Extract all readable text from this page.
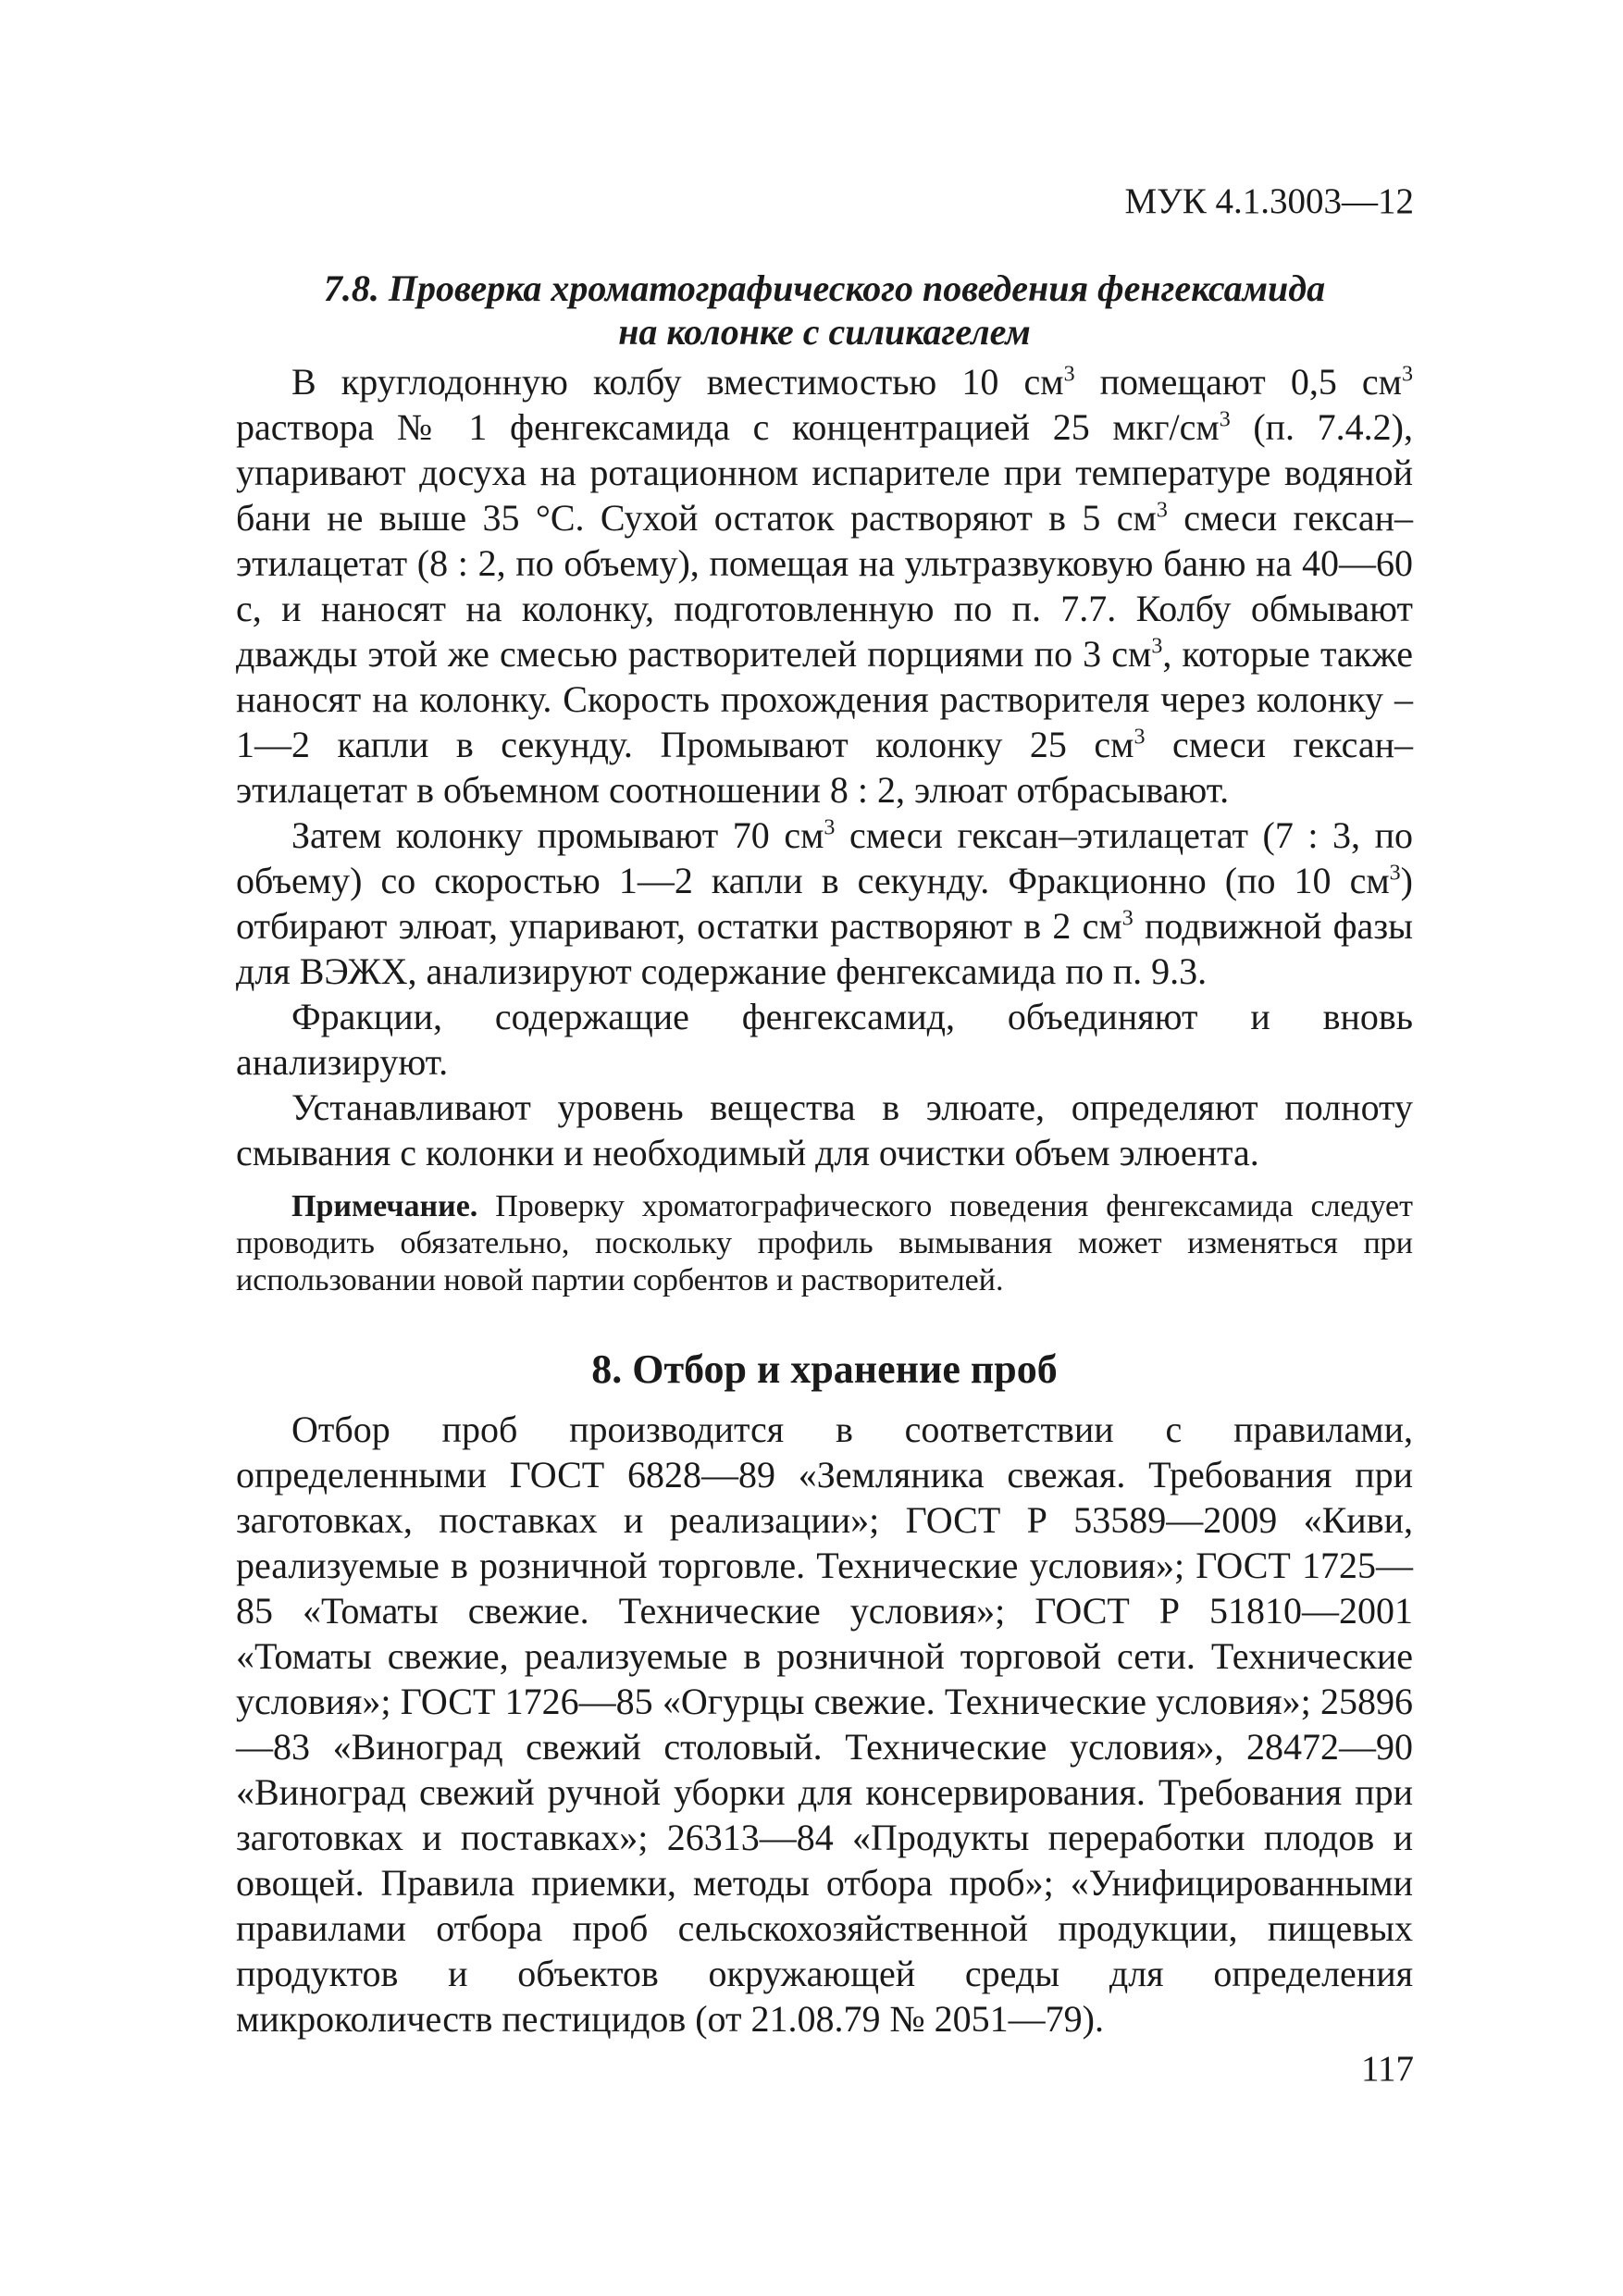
МУК 4.1.3003—12
7.8. Проверка хроматографического поведения фенгексамида
на колонке с силикагелем

В круглодонную колбу вместимостью 10 $см^3$ помещают 0,5 $см^3$ раствора № 1 фенгексамида с концентрацией 25 мкг/$см^3$ (п. 7.4.2), упаривают досуха на ротационном испарителе при температуре водяной бани не выше 35 °С. Сухой остаток растворяют в 5 $см^3$ смеси гексан–этилацетат (8 : 2, по объему), помещая на ультразвуковую баню на 40—60 с, и наносят на колонку, подготовленную по п. 7.7. Колбу обмывают дважды этой же смесью растворителей порциями по 3 $см^3$, которые также наносят на колонку. Скорость прохождения растворителя через колонку – 1—2 капли в секунду. Промывают колонку 25 $см^3$ смеси гексан–этилацетат в объемном соотношении 8 : 2, элюат отбрасывают.

Затем колонку промывают 70 $см^3$ смеси гексан–этилацетат (7 : 3, по объему) со скоростью 1—2 капли в секунду. Фракционно (по 10 $см^3$) отбирают элюат, упаривают, остатки растворяют в 2 $см^3$ подвижной фазы для ВЭЖХ, анализируют содержание фенгексамида по п. 9.3.

Фракции, содержащие фенгексамид, объединяют и вновь анализируют.

Устанавливают уровень вещества в элюате, определяют полноту смывания с колонки и необходимый для очистки объем элюента.

Примечание. Проверку хроматографического поведения фенгексамида следует проводить обязательно, поскольку профиль вымывания может изменяться при использовании новой партии сорбентов и растворителей.

8. Отбор и хранение проб

Отбор проб производится в соответствии с правилами, определенными ГОСТ 6828—89 «Земляника свежая. Требования при заготовках, поставках и реализации»; ГОСТ Р 53589—2009 «Киви, реализуемые в розничной торговле. Технические условия»; ГОСТ 1725—85 «Томаты свежие. Технические условия»; ГОСТ Р 51810—2001 «Томаты свежие, реализуемые в розничной торговой сети. Технические условия»; ГОСТ 1726—85 «Огурцы свежие. Технические условия»; 25896—83 «Виноград свежий столовый. Технические условия», 28472—90 «Виноград свежий ручной уборки для консервирования. Требования при заготовках и поставках»; 26313—84 «Продукты переработки плодов и овощей. Правила приемки, методы отбора проб»; «Унифицированными правилами отбора проб сельскохозяйственной продукции, пищевых продуктов и объектов окружающей среды для определения микроколичеств пестицидов (от 21.08.79 № 2051—79).

117
